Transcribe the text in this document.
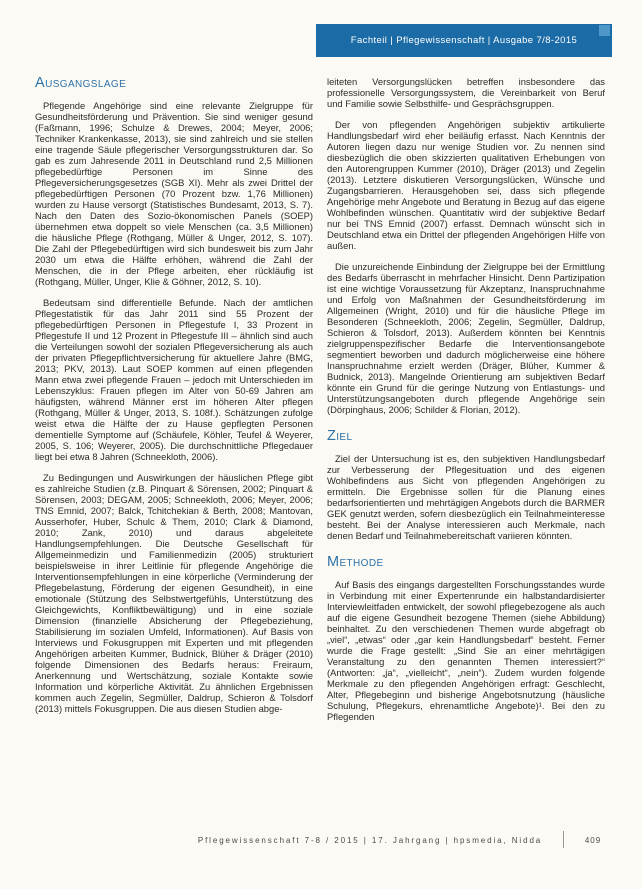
Fachteil | Pflegewissenschaft | Ausgabe 7/8-2015
Ausgangslage

Pflegende Angehörige sind eine relevante Zielgruppe für Gesundheitsförderung und Prävention. Sie sind weniger gesund (Faßmann, 1996; Schulze & Drewes, 2004; Meyer, 2006; Techniker Krankenkasse, 2013), sie sind zahlreich und sie stellen eine tragende Säule pflegerischer Versorgungsstrukturen dar. So gab es zum Jahresende 2011 in Deutschland rund 2,5 Millionen pflegebedürftige Personen im Sinne des Pflegeversicherungsgesetzes (SGB XI). Mehr als zwei Drittel der pflegebedürftigen Personen (70 Prozent bzw. 1,76 Millionen) wurden zu Hause versorgt (Statistisches Bundesamt, 2013, S. 7). Nach den Daten des Sozio-ökonomischen Panels (SOEP) übernehmen etwa doppelt so viele Menschen (ca. 3,5 Millionen) die häusliche Pflege (Rothgang, Müller & Unger, 2012, S. 107). Die Zahl der Pflegebedürftigen wird sich bundesweit bis zum Jahr 2030 um etwa die Hälfte erhöhen, während die Zahl der Menschen, die in der Pflege arbeiten, eher rückläufig ist (Rothgang, Müller, Unger, Klie & Göhner, 2012, S. 10).

Bedeutsam sind differentielle Befunde. Nach der amtlichen Pflegestatistik für das Jahr 2011 sind 55 Prozent der pflegebedürftigen Personen in Pflegestufe I, 33 Prozent in Pflegestufe II und 12 Prozent in Pflegestufe III – ähnlich sind auch die Verteilungen sowohl der sozialen Pflegeversicherung als auch der privaten Pflegepflichtversicherung für aktuellere Jahre (BMG, 2013; PKV, 2013). Laut SOEP kommen auf einen pflegenden Mann etwa zwei pflegende Frauen – jedoch mit Unterschieden im Lebenszyklus: Frauen pflegen im Alter von 50-69 Jahren am häufigsten, während Männer erst im höheren Alter pflegen (Rothgang, Müller & Unger, 2013, S. 108f.). Schätzungen zufolge weist etwa die Hälfte der zu Hause gepflegten Personen dementielle Symptome auf (Schäufele, Köhler, Teufel & Weyerer, 2005, S. 106; Weyerer, 2005). Die durchschnittliche Pflegedauer liegt bei etwa 8 Jahren (Schneekloth, 2006).

Zu Bedingungen und Auswirkungen der häuslichen Pflege gibt es zahlreiche Studien (z.B. Pinquart & Sörensen, 2002; Pinquart & Sörensen, 2003; DEGAM, 2005; Schneekloth, 2006; Meyer, 2006; TNS Emnid, 2007; Balck, Tchitchekian & Berth, 2008; Mantovan, Ausserhofer, Huber, Schulc & Them, 2010; Clark & Diamond, 2010; Zank, 2010) und daraus abgeleitete Handlungsempfehlungen. Die Deutsche Gesellschaft für Allgemeinmedizin und Familienmedizin (2005) strukturiert beispielsweise in ihrer Leitlinie für pflegende Angehörige die Interventionsempfehlungen in eine körperliche (Verminderung der Pflegebelastung, Förderung der eigenen Gesundheit), in eine emotionale (Stützung des Selbstwertgefühls, Unterstützung des Gleichgewichts, Konfliktbewältigung) und in eine soziale Dimension (finanzielle Absicherung der Pflegebeziehung, Stabilisierung im sozialen Umfeld, Informationen). Auf Basis von Interviews und Fokusgruppen mit Experten und mit pflegenden Angehörigen arbeiten Kummer, Budnick, Blüher & Dräger (2010) folgende Dimensionen des Bedarfs heraus: Freiraum, Anerkennung und Wertschätzung, soziale Kontakte sowie Information und körperliche Aktivität. Zu ähnlichen Ergebnissen kommen auch Zegelin, Segmüller, Daldrup, Schieron & Tolsdorf (2013) mittels Fokusgruppen. Die aus diesen Studien abge-

leiteten Versorgungslücken betreffen insbesondere das professionelle Versorgungssystem, die Vereinbarkeit von Beruf und Familie sowie Selbsthilfe- und Gesprächsgruppen.

Der von pflegenden Angehörigen subjektiv artikulierte Handlungsbedarf wird eher beiläufig erfasst. Nach Kenntnis der Autoren liegen dazu nur wenige Studien vor. Zu nennen sind diesbezüglich die oben skizzierten qualitativen Erhebungen von den Autorengruppen Kummer (2010), Dräger (2013) und Zegelin (2013). Letztere diskutieren Versorgungslücken, Wünsche und Zugangsbarrieren. Herausgehoben sei, dass sich pflegende Angehörige mehr Angebote und Beratung in Bezug auf das eigene Wohlbefinden wünschen. Quantitativ wird der subjektive Bedarf nur bei TNS Emnid (2007) erfasst. Demnach wünscht sich in Deutschland etwa ein Drittel der pflegenden Angehörigen Hilfe von außen.

Die unzureichende Einbindung der Zielgruppe bei der Ermittlung des Bedarfs überrascht in mehrfacher Hinsicht. Denn Partizipation ist eine wichtige Voraussetzung für Akzeptanz, Inanspruchnahme und Erfolg von Maßnahmen der Gesundheitsförderung im Allgemeinen (Wright, 2010) und für die häusliche Pflege im Besonderen (Schneekloth, 2006; Zegelin, Segmüller, Daldrup, Schieron & Tolsdorf, 2013). Außerdem könnten bei Kenntnis zielgruppenspezifischer Bedarfe die Interventionsangebote segmentiert beworben und dadurch möglicherweise eine höhere Inanspruchnahme erzielt werden (Dräger, Blüher, Kummer & Budnick, 2013). Mangelnde Orientierung am subjektiven Bedarf könnte ein Grund für die geringe Nutzung von Entlastungs- und Unterstützungsangeboten durch pflegende Angehörige sein (Dörpinghaus, 2006; Schilder & Florian, 2012).

Ziel

Ziel der Untersuchung ist es, den subjektiven Handlungsbedarf zur Verbesserung der Pflegesituation und des eigenen Wohlbefindens aus Sicht von pflegenden Angehörigen zu ermitteln. Die Ergebnisse sollen für die Planung eines bedarfsorientierten und mehrtägigen Angebots durch die BARMER GEK genutzt werden, sofern diesbezüglich ein Teilnahmeinteresse besteht. Bei der Analyse interessieren auch Merkmale, nach denen Bedarf und Teilnahmebereitschaft variieren könnten.

Methode

Auf Basis des eingangs dargestellten Forschungsstandes wurde in Verbindung mit einer Expertenrunde ein halbstandardisierter Interviewleitfaden entwickelt, der sowohl pflegebezogene als auch auf die eigene Gesundheit bezogene Themen (siehe Abbildung) beinhaltet. Zu den verschiedenen Themen wurde abgefragt ob „viel“, „etwas“ oder „gar kein Handlungsbedarf“ besteht. Ferner wurde die Frage gestellt: „Sind Sie an einer mehrtägigen Veranstaltung zu den genannten Themen interessiert?“ (Antworten: „ja“, „vielleicht“, „nein“). Zudem wurden folgende Merkmale zu den pflegenden Angehörigen erfragt: Geschlecht, Alter, Pflegebeginn und bisherige Angebotsnutzung (häusliche Schulung, Pflegekurs, ehrenamtliche Angebote)¹. Bei den zu Pflegenden

Pflegewissenschaft 7-8 / 2015 | 17. Jahrgang | hpsmedia, Nidda	409
